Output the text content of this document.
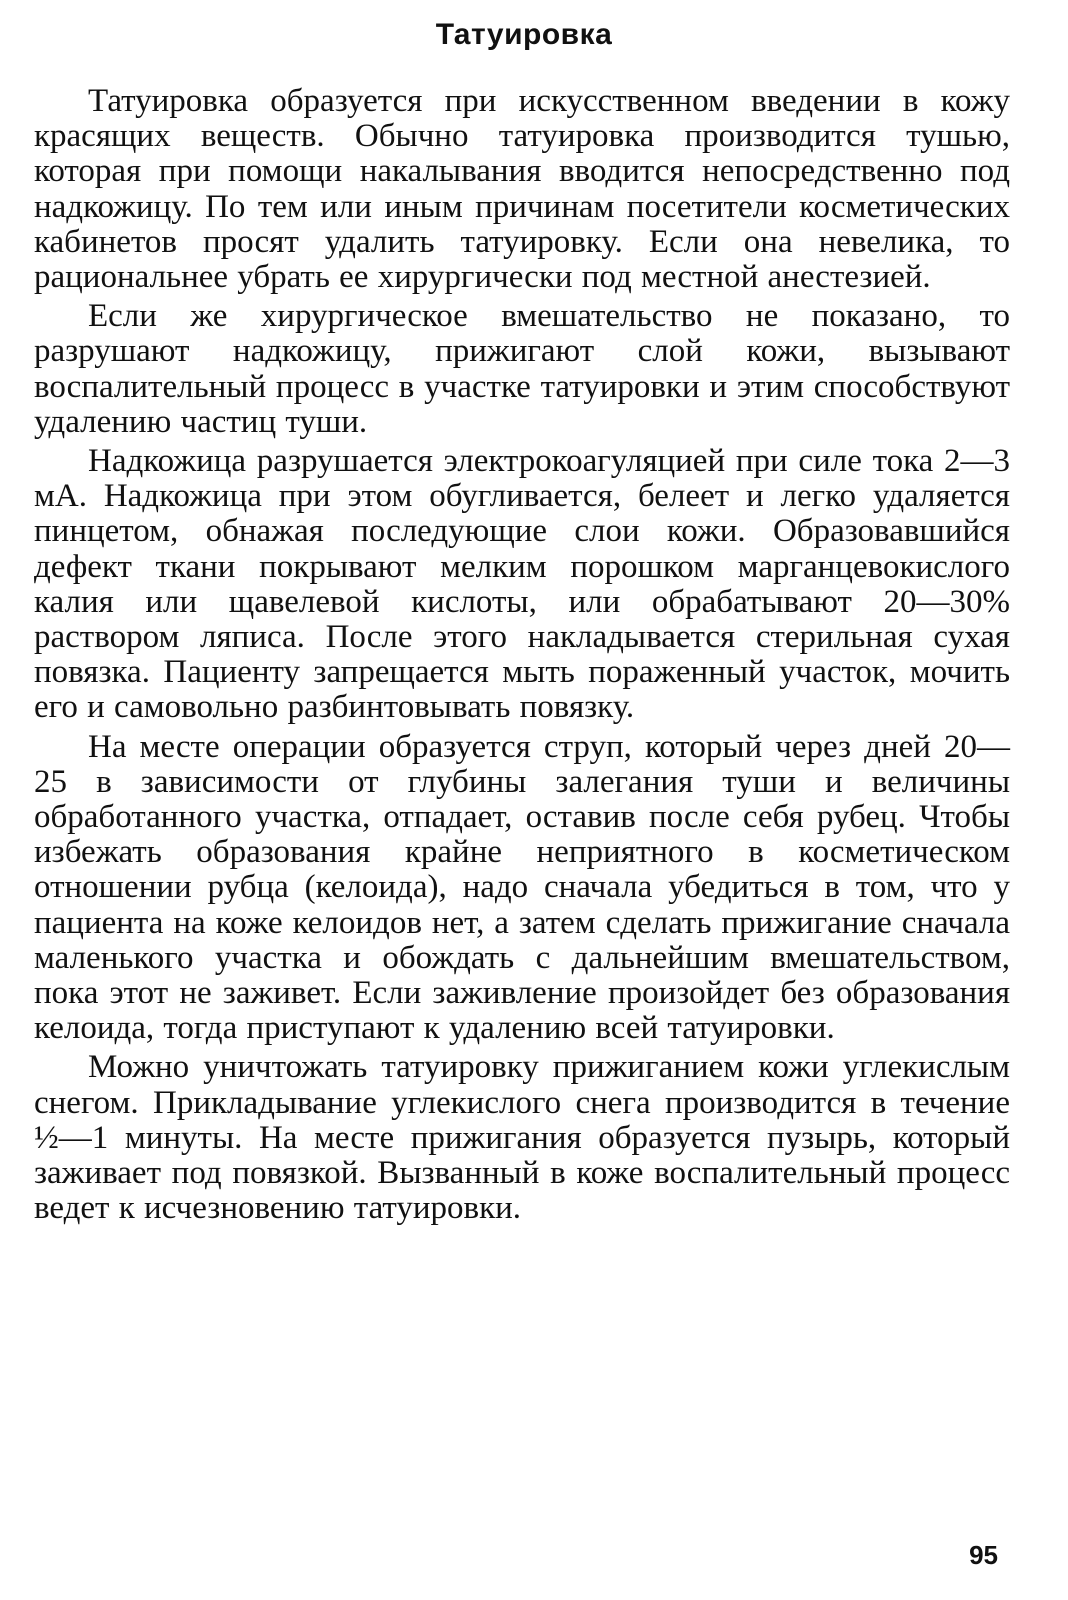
Татуировка

Татуировка образуется при искусственном введении в кожу красящих веществ. Обычно татуировка производится тушью, которая при помощи накалывания вводится непосредственно под надкожицу. По тем или иным причинам посетители косметических кабинетов просят удалить татуировку. Если она невелика, то рациональнее убрать ее хирургически под местной анестезией.

Если же хирургическое вмешательство не показано, то разрушают надкожицу, прижигают слой кожи, вызывают воспалительный процесс в участке татуировки и этим способствуют удалению частиц туши.

Надкожица разрушается электрокоагуляцией при силе тока 2—3 мА. Надкожица при этом обугливается, белеет и легко удаляется пинцетом, обнажая последующие слои кожи. Образовавшийся дефект ткани покрывают мелким порошком марганцевокислого калия или щавелевой кислоты, или обрабатывают 20—30% раствором ляписа. После этого накладывается стерильная сухая повязка. Пациенту запрещается мыть пораженный участок, мочить его и самовольно разбинтовывать повязку.

На месте операции образуется струп, который через дней 20—25 в зависимости от глубины залегания туши и величины обработанного участка, отпадает, оставив после себя рубец. Чтобы избежать образования крайне неприятного в косметическом отношении рубца (келоида), надо сначала убедиться в том, что у пациента на коже келоидов нет, а затем сделать прижигание сначала маленького участка и обождать с дальнейшим вмешательством, пока этот не заживет. Если заживление произойдет без образования келоида, тогда приступают к удалению всей татуировки.

Можно уничтожать татуировку прижиганием кожи углекислым снегом. Прикладывание углекислого снега производится в течение ½—1 минуты. На месте прижигания образуется пузырь, который заживает под повязкой. Вызванный в коже воспалительный процесс ведет к исчезновению татуировки.

95
